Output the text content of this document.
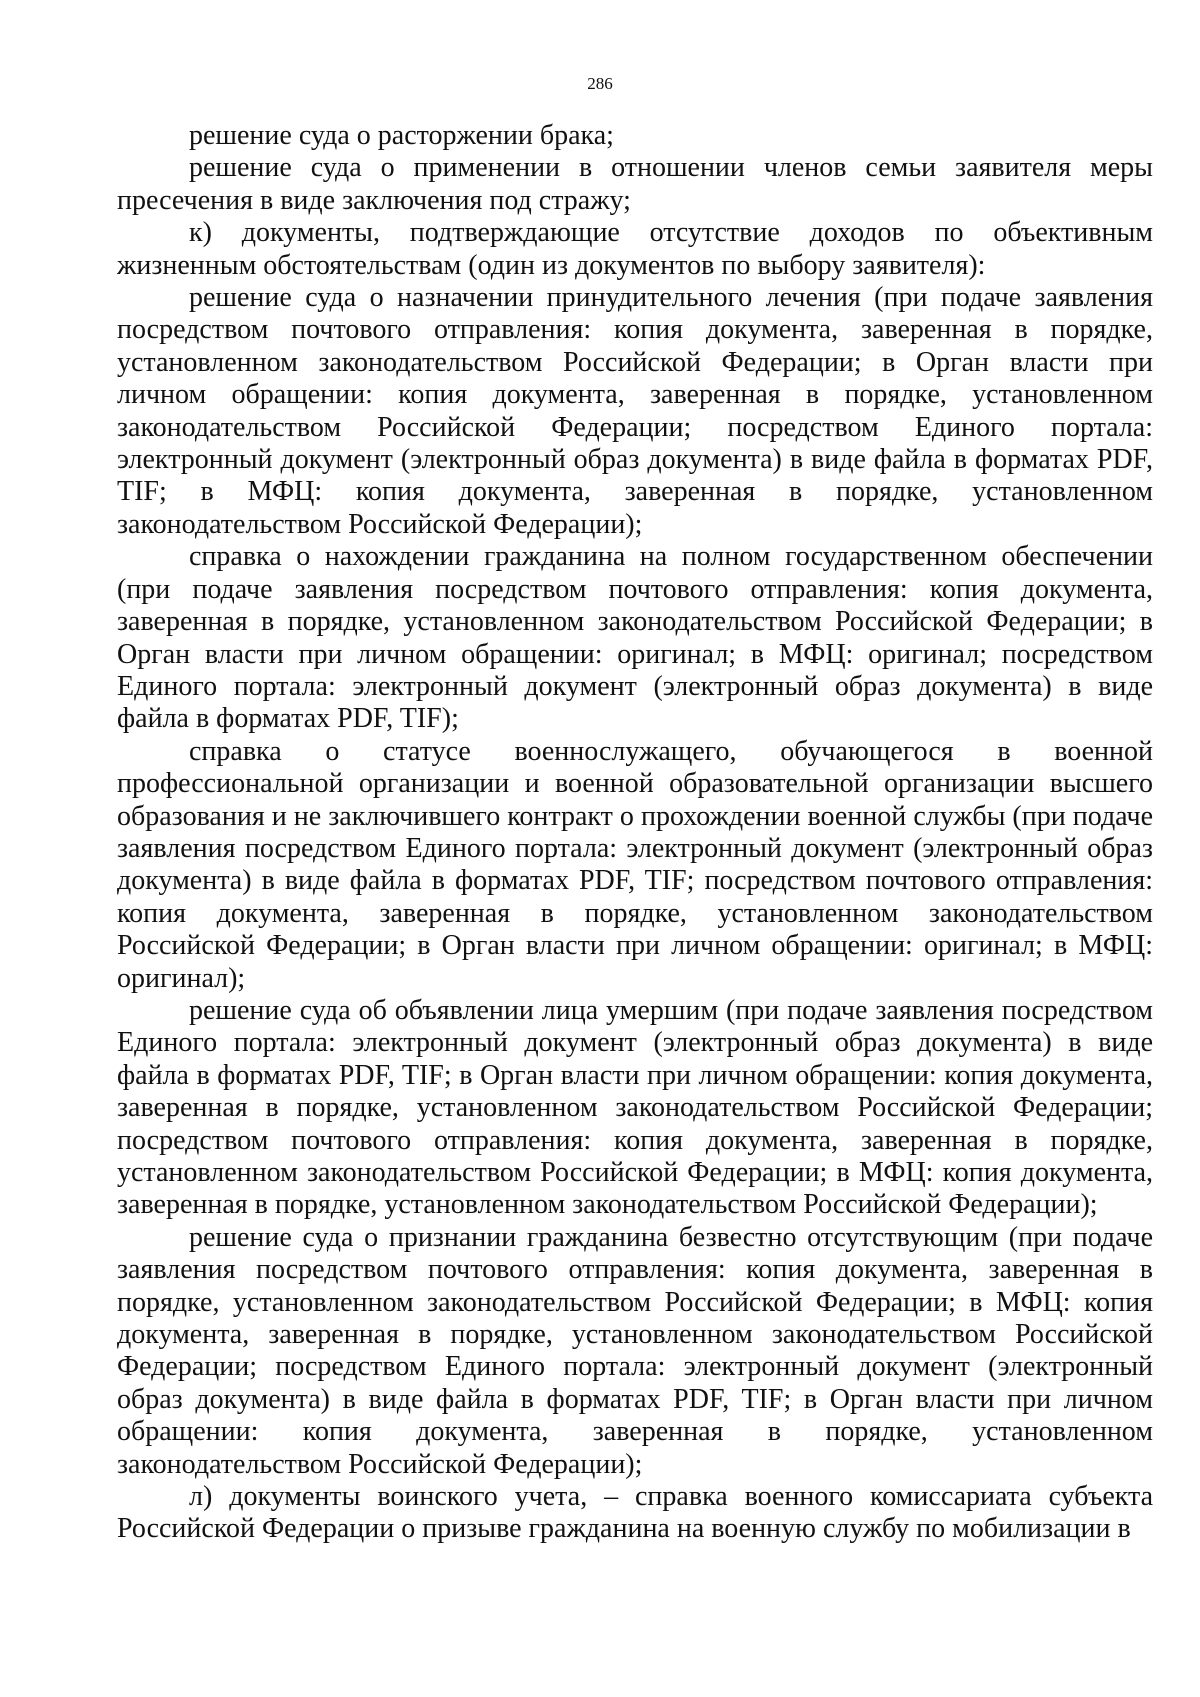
286

решение суда о расторжении брака;

решение суда о применении в отношении членов семьи заявителя меры пресечения в виде заключения под стражу;

к) документы, подтверждающие отсутствие доходов по объективным жизненным обстоятельствам (один из документов по выбору заявителя):

решение суда о назначении принудительного лечения (при подаче заявления посредством почтового отправления: копия документа, заверенная в порядке, установленном законодательством Российской Федерации; в Орган власти при личном обращении: копия документа, заверенная в порядке, установленном законодательством Российской Федерации; посредством Единого портала: электронный документ (электронный образ документа) в виде файла в форматах PDF, TIF; в МФЦ: копия документа, заверенная в порядке, установленном законодательством Российской Федерации);

справка о нахождении гражданина на полном государственном обеспечении (при подаче заявления посредством почтового отправления: копия документа, заверенная в порядке, установленном законодательством Российской Федерации; в Орган власти при личном обращении: оригинал; в МФЦ: оригинал; посредством Единого портала: электронный документ (электронный образ документа) в виде файла в форматах PDF, TIF);

справка о статусе военнослужащего, обучающегося в военной профессиональной организации и военной образовательной организации высшего образования и не заключившего контракт о прохождении военной службы (при подаче заявления посредством Единого портала: электронный документ (электронный образ документа) в виде файла в форматах PDF, TIF; посредством почтового отправления: копия документа, заверенная в порядке, установленном законодательством Российской Федерации; в Орган власти при личном обращении: оригинал; в МФЦ: оригинал);

решение суда об объявлении лица умершим (при подаче заявления посредством Единого портала: электронный документ (электронный образ документа) в виде файла в форматах PDF, TIF; в Орган власти при личном обращении: копия документа, заверенная в порядке, установленном законодательством Российской Федерации; посредством почтового отправления: копия документа, заверенная в порядке, установленном законодательством Российской Федерации; в МФЦ: копия документа, заверенная в порядке, установленном законодательством Российской Федерации);

решение суда о признании гражданина безвестно отсутствующим (при подаче заявления посредством почтового отправления: копия документа, заверенная в порядке, установленном законодательством Российской Федерации; в МФЦ: копия документа, заверенная в порядке, установленном законодательством Российской Федерации; посредством Единого портала: электронный документ (электронный образ документа) в виде файла в форматах PDF, TIF; в Орган власти при личном обращении: копия документа, заверенная в порядке, установленном законодательством Российской Федерации);

л) документы воинского учета, – справка военного комиссариата субъекта Российской Федерации о призыве гражданина на военную службу по мобилизации в
